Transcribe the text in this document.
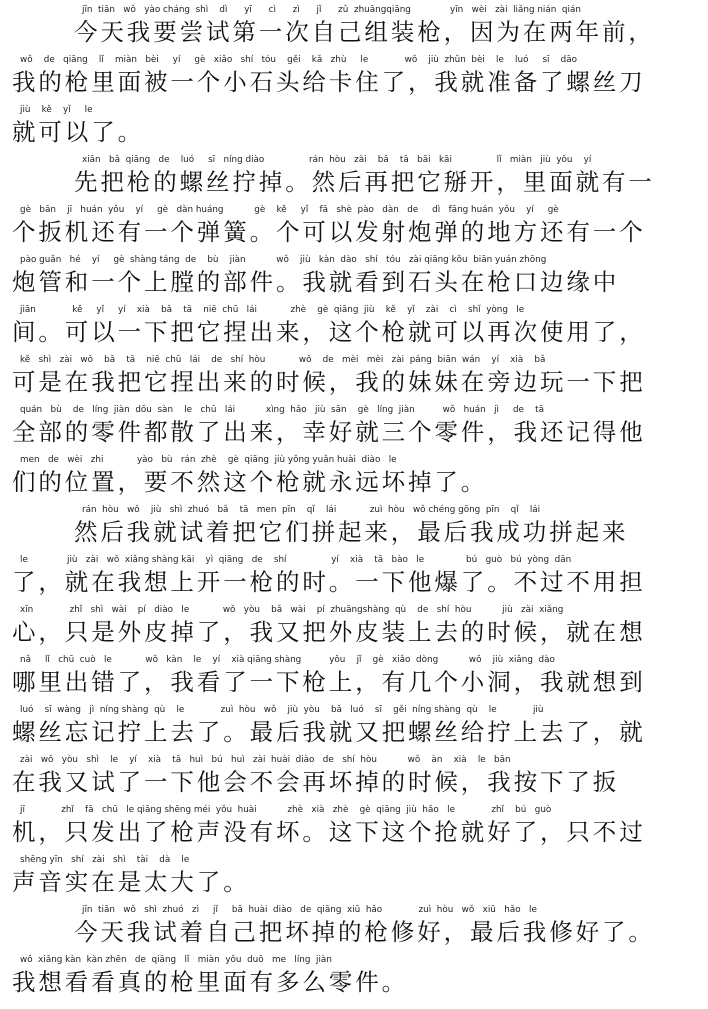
jīn  tiān   wǒ   yào cháng  shì    dì      yī      cì      zì      jǐ      zǔ  zhuāngqiāng              yīn   wèi   zài  liǎng nián  qián
今天我要尝试第一次自己组装枪，因为在两年前，
wǒ    de   qiāng    lǐ    miàn   bèi     yí     gè   xiǎo   shí   tóu    gěi    kǎ   zhù     le             wǒ    jiù  zhǔn  bèi    le    luó     sī    dāo
我的枪里面被一个小石头给卡住了，我就准备了螺丝刀
jiù    kě    yǐ     le
就可以了。
xiān   bǎ  qiāng   de    luó     sī   níng diào                rán  hòu   zài    bǎ    tā   bāi   kāi                lǐ   miàn   jiù  yǒu    yí
先把枪的螺丝拧掉。然后再把它掰开，里面就有一
gè   bān    jī   huán  yǒu    yí     gè   dàn huáng           gè    kě     yǐ    fā   shè  pào   dàn   de     dì   fāng huán  yǒu    yí     gè
个扳机还有一个弹簧。个可以发射炮弹的地方还有一个
pào guǎn   hé    yí     gè  shàng táng  de    bù    jiàn           wǒ    jiù   kàn  dào   shí   tóu   zài qiāng kǒu  biān yuán zhōng
炮管和一个上膛的部件。我就看到石头在枪口边缘中
jiān             kě     yǐ     yí    xià    bǎ    tā    niē  chū   lái            zhè    gè  qiāng  jiù    kě    yǐ    zài    cì    shǐ  yòng   le
间。可以一下把它捏出来，这个枪就可以再次使用了，
kě   shì   zài   wǒ    bǎ    tā    niē  chū   lái    de   shí  hòu            wǒ    de   mèi   mèi   zài  páng  biān  wán    yí    xià    bǎ
可是在我把它捏出来的时候，我的妹妹在旁边玩一下把
quán   bù    de   líng  jiàn  dōu  sàn    le   chū   lái           xìng  hǎo   jiù  sān    gè   líng  jiàn          wǒ   huán   jì     de    tā
全部的零件都散了出来，幸好就三个零件，我还记得他
men   de   wèi   zhi            yào   bù   rán  zhè    gè  qiāng  jiù yǒng yuǎn huài  diào   le
们的位置，要不然这个枪就永远坏掉了。
rán  hòu   wǒ    jiù   shì  zhuó   bǎ    tā   men  pīn    qǐ    lái            zuì  hòu   wǒ chéng gōng  pīn    qǐ    lái
然后我就试着把它们拼起来，最后我成功拼起来
le              jiù   zài   wǒ  xiǎng shàng kāi    yì  qiāng   de    shí                yí    xià    tā   bào   le               bú   guò   bú  yòng  dān
了，就在我想上开一枪的时。一下他爆了。不过不用担
xīn             zhǐ   shì   wài    pí   diào   le            wǒ   yòu    bǎ   wài    pí  zhuāngshàng  qù    de   shí  hòu           jiù   zài  xiǎng
心，只是外皮掉了，我又把外皮装上去的时候，就在想
nǎ     lǐ   chū  cuò   le            wǒ   kàn    le    yí    xià qiāng shàng          yǒu    jǐ    gè   xiǎo  dòng           wǒ    jiù  xiǎng  dào
哪里出错了，我看了一下枪上，有几个小洞，我就想到
luó    sī  wàng   jì  níng shàng  qù    le             zuì  hòu   wǒ    jiù  yòu    bǎ   luó    sī    gěi  níng shàng  qù    le             jiù
螺丝忘记拧上去了。最后我就又把螺丝给拧上去了，就
zài   wǒ   yòu   shì    le    yí    xià    tā   huì   bú   huì   zài  huài  diào   de   shí  hòu           wǒ    àn    xià    le   bān
在我又试了一下他会不会再坏掉的时候，我按下了扳
jī             zhǐ    fā   chū   le qiāng shēng méi  yǒu  huài           zhè   xià   zhè    gè  qiāng  jiù  hǎo   le             zhǐ    bú   guò
机，只发出了枪声没有坏。这下这个抢就好了，只不过
shēng yīn   shí   zài   shì    tài    dà    le
声音实在是太大了。
jīn  tiān   wǒ   shì  zhuó   zì     jǐ     bǎ  huài  diào   de  qiāng  xiū  hǎo             zuì  hòu   wǒ   xiū   hǎo   le
今天我试着自己把坏掉的枪修好，最后我修好了。
wǒ  xiǎng kàn  kàn zhēn   de  qiāng   lǐ   miàn  yǒu  duō   me   líng  jiàn
我想看看真的枪里面有多么零件。
